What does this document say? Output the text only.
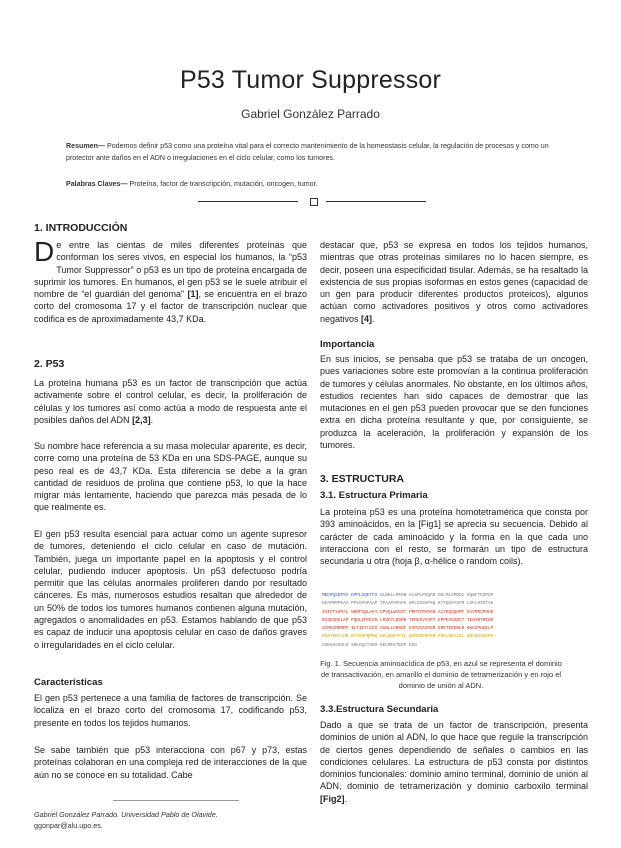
P53 Tumor Suppressor
Gabriel González Parrado
Resumen— Podemos definir p53 como una proteína vital para el correcto mantenimiento de la homeostasis celular, la regulación de procesos y como un protector ante daños en el ADN o irregulaciones en el ciclo celular, como los tumores.
Palabras Claves— Proteína, factor de transcripción, mutación, oncogen, tumor.
1. INTRODUCCIÓN
De entre las cientas de miles diferentes proteínas que conforman los seres vivos, en especial los humanos, la “p53 Tumor Suppressor” o p53 es un tipo de proteína encargada de suprimir los tumores. En humanos, el gen p53 se le suele atribuir el nombre de “el guardián del genoma” [1], se encuentra en el brazo corto del cromosoma 17 y el factor de transcripción nuclear que codifica es de aproximadamente 43,7 KDa.
2. P53
La proteína humana p53 es un factor de transcripción que actúa activamente sobre el control celular, es decir, la proliferación de células y los tumores así como actúa a modo de respuesta ante el posibles daños del ADN [2,3].
Su nombre hace referencia a su masa molecular aparente, es decir, corre como una proteína de 53 KDa en una SDS-PAGE, aunque su peso real es de 43,7 KDa. Esta diferencia se debe a la gran cantidad de residuos de prolina que contiene p53, lo que la hace migrar más lentamente, haciendo que parezca más pesada de lo que realmente es.
El gen p53 resulta esencial para actuar como un agente supresor de tumores, deteniendo el ciclo celular en caso de mutación. También, juega un importante papel en la apoptosis y el control celular, pudiendo inducer apoptosis. Un p53 defectuoso podría permitir que las células anormales proliferen dando por resultado cánceres. Es más, numerosos estudios resaltan que alrededor de un 50% de todos los tumores humanos contienen alguna mutación, agregados o anomalidades en p53. Estamos hablando de que p53 es capaz de inducir una apoptosis celular en caso de daños graves o irregularidades en el ciclo celular.
Características
El gen p53 pertenece a una familia de factores de transcripción. Se localiza en el brazo corto del cromosoma 17, codificando p53, presente en todos los tejidos humanos.
Se sabe también que p53 interacciona con p67 y p73, estas proteínas colaboran en una compleja red de interacciones de la que aún no se conoce en su totalidad. Cabe
destacar que, p53 se expresa en todos los tejidos humanos, mientras que otras proteínas similares no lo hacen siempre, es decir, poseen una especificidad tisular. Además, se ha resaltado la existencia de sus propias isoformas en estos genes (capacidad de un gen para producir diferentes productos proteicos), algunos actúan como activadores positivos y otros como activadores negativos [4].
Importancia
En sus inicios, se pensaba que p53 se trataba de un oncogen, pues variaciones sobre este promovían a la continua proliferación de tumores y células anormales. No obstante, en los últimos años, estudios recientes han sido capaces de demostrar que las mutaciones en el gen p53 pueden provocar que se den funciones extra en dicha proteína resultante y que, por consiguiente, se produzca la aceleración, la proliferación y expansión de los tumores.
3. ESTRUCTURA
3.1. Estructura Primaria
La proteína p53 es una proteína homotetramérica que consta por 393 aminoácidos, en la [Fig1] se aprecia su secuencia. Debido al carácter de cada aminoácido y la forma en la que cada uno interacciona con el resto, se formarán un tipo de estructura secundaria u otra (hoja β, α-hélice o random coils).
MEEPQSDPSV EPPLSQETFS DLWKLLPENN VLSPLPSQAM DDLMLSPDDI EQWFTEDPGP
DEAPRMPEAA PPVAPAPAAP TPAAPAPAPS WPLSSSVPSQ KTYQGSYGFR LGFLHSGTAK
SVTCTYSPAL NKMFCQLAKT CPVQLWVDST PPPGTRVRAM AIYKQSQHMT EVVRRCPHHE
RCSDSDGLAP PQHLIRVEGN LRVEYLDDRN TFRHSVVVPY EPPEVGSDCT TIHYNYMCNS
SCMGGMNRRP ILTIITLEDS SGNLLGRNSF EVRVCACPGR DRRTEEENLR KKGEPHHELP
PGSTKRALPN NTSSSPQPKK KPLDGEYFTL QIRGRERFEM FRELNEALEL KDAQAGKEPG
GSRAHSSHLK SKKGQSTSRH KKLMFKTEGP DSD
Fig. 1. Secuencia aminoacídica de p53, en azul se representa el dominio de transactivación, en amarillo el dominio de tetramerización y en rojo el dominio de unión al ADN.
3.3.Estructura Secundaria
Dado a que se trata de un factor de transcripción, presenta dominios de unión al ADN, lo que hace que regule la transcripción de ciertos genes dependiendo de señales o cambios en las condiciones celulares. La estructura de p53 consta por distintos dominios funcionales: dominio amino terminal, dominio de unión al ADN, dominio de tetramerización y dominio carboxilo terminal [Fig2].
Gabriel González Parrado. Universidad Pablo de Olavide.
ggonpar@alu.upo.es.
